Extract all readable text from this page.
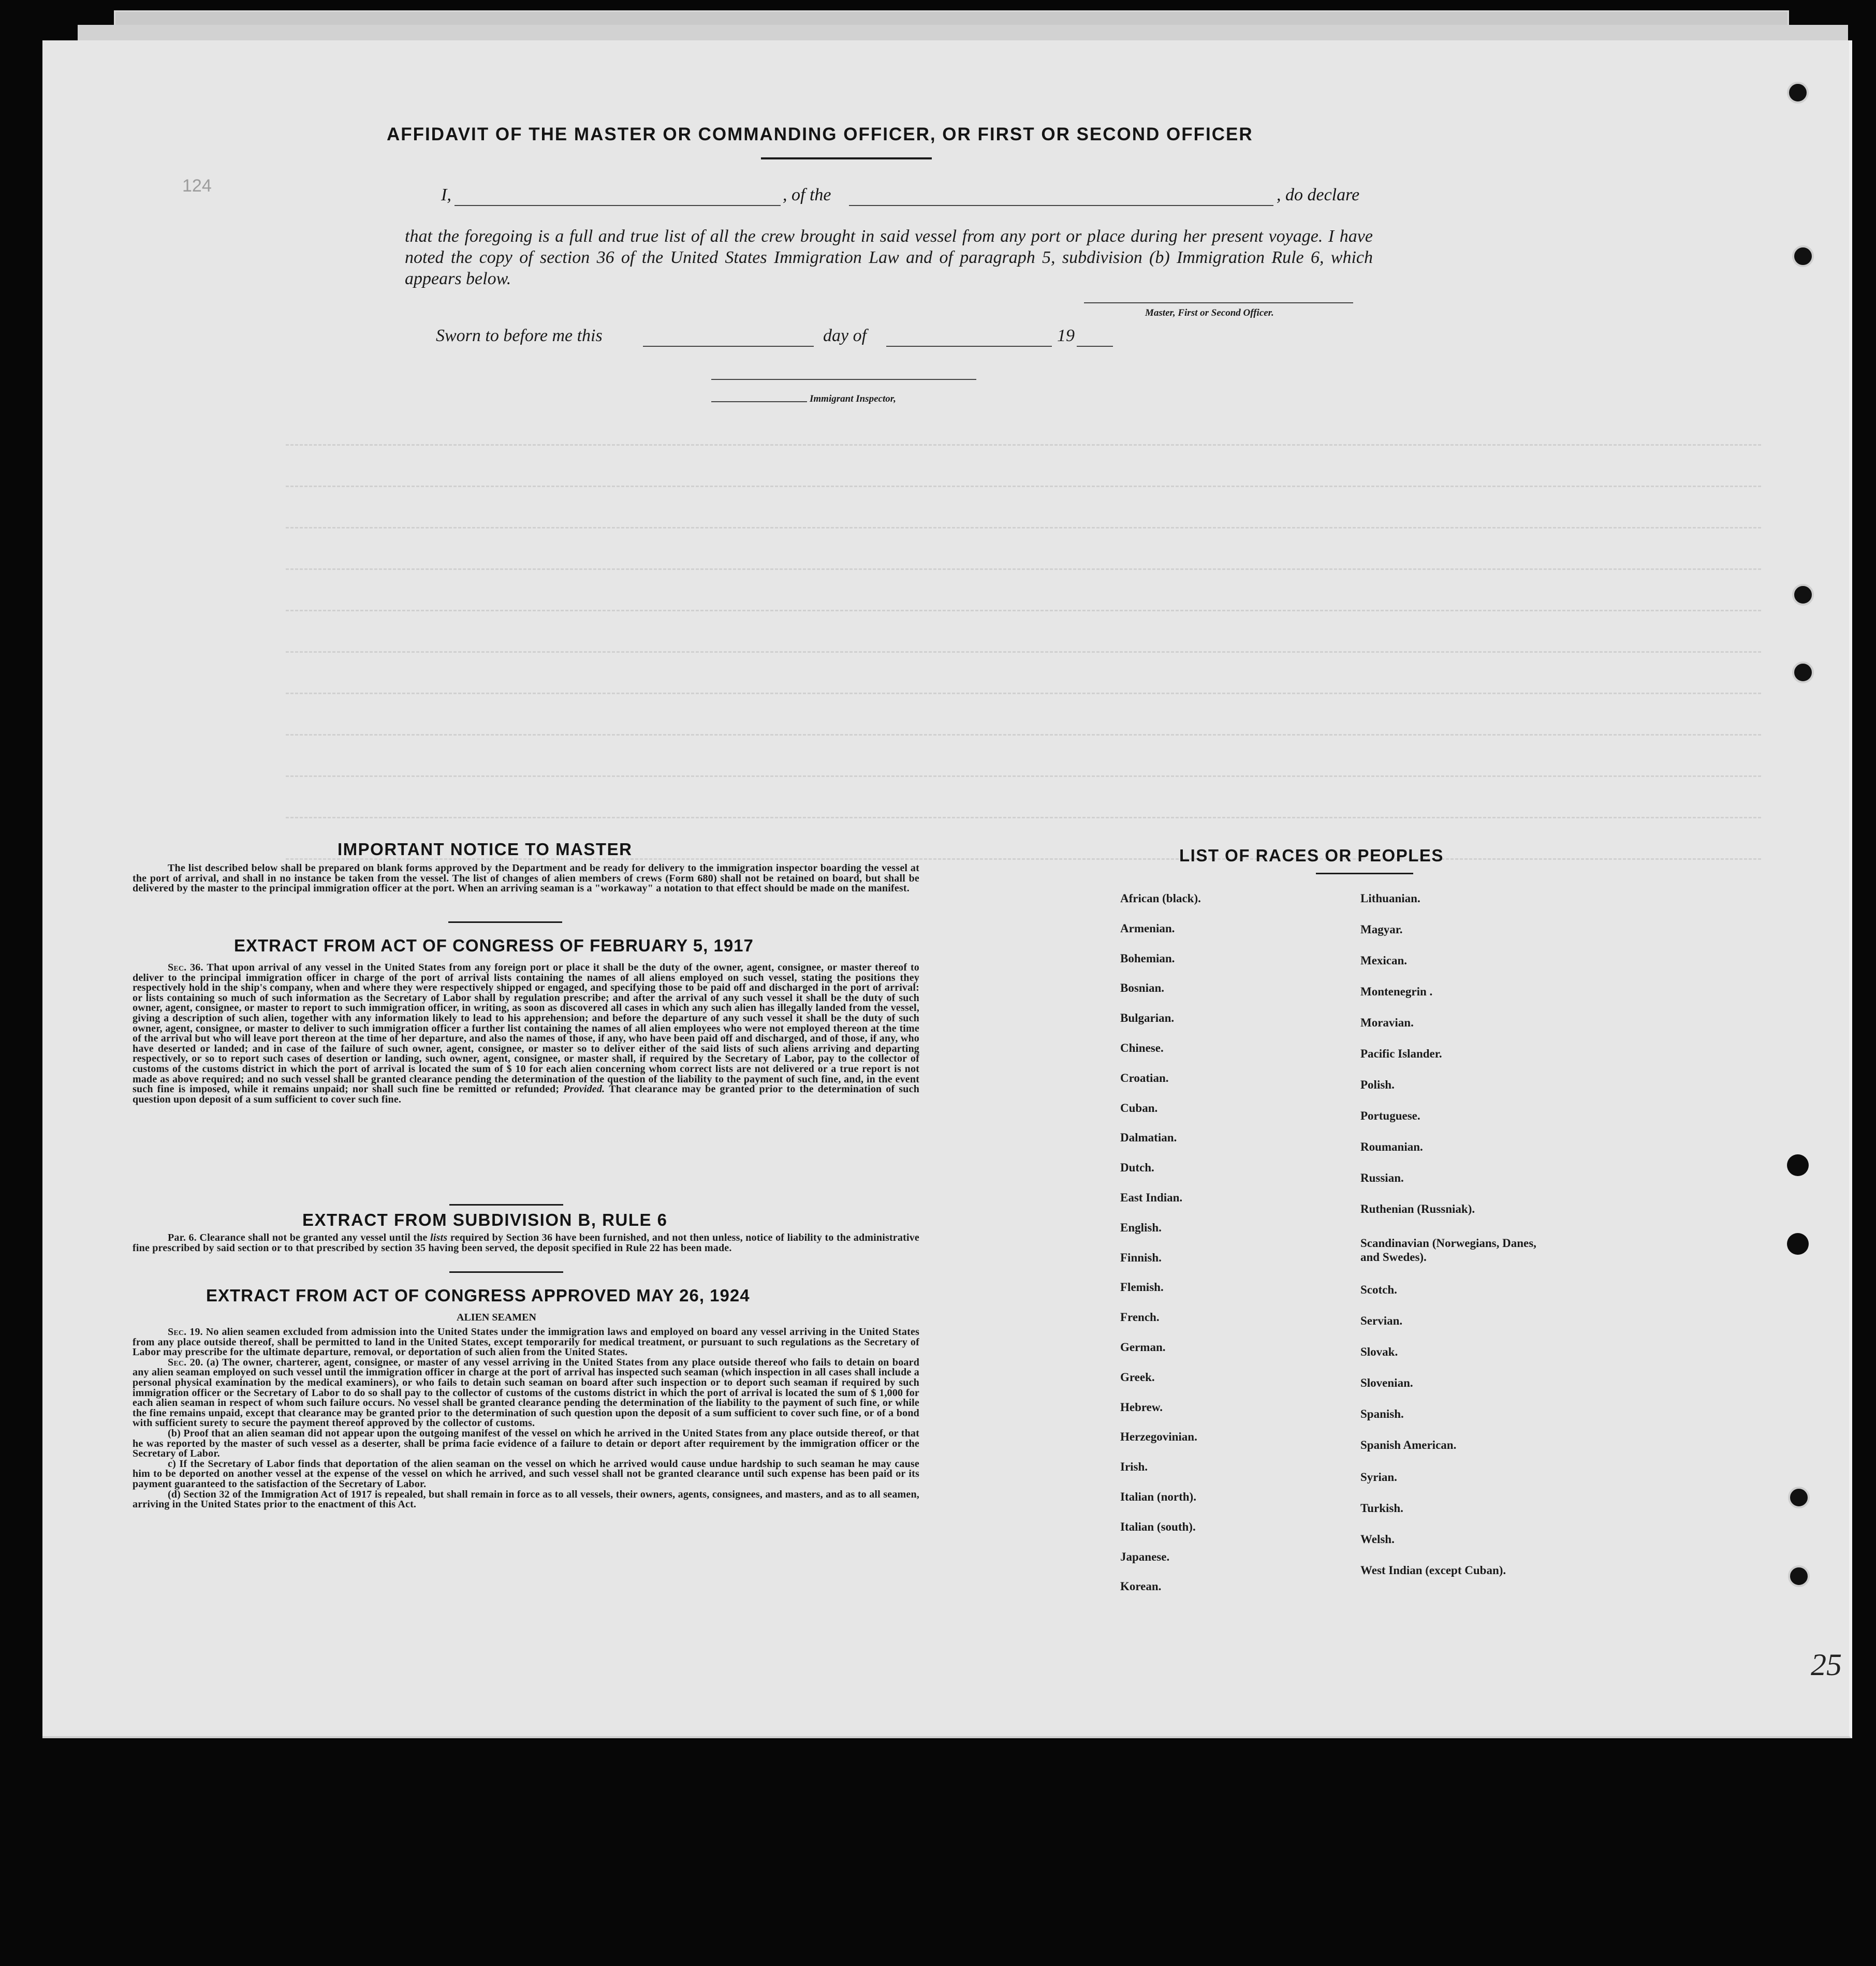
124
AFFIDAVIT OF THE MASTER OR COMMANDING OFFICER, OR FIRST OR SECOND OFFICER
I,	, of the	, do declare
that the foregoing is a full and true list of all the crew brought in said vessel from any port or place during her present voyage. I have noted the copy of section 36 of the United States Immigration Law and of paragraph 5, subdivision (b) Immigration Rule 6, which appears below.
Master, First or Second Officer.
Sworn to before me this	day of	19
Immigrant Inspector,
IMPORTANT NOTICE TO MASTER

The list described below shall be prepared on blank forms approved by the Department and be ready for delivery to the immigration inspector boarding the vessel at the port of arrival, and shall in no instance be taken from the vessel. The list of changes of alien members of crews (Form 680) shall not be retained on board, but shall be delivered by the master to the principal immigration officer at the port. When an arriving seaman is a "workaway" a notation to that effect should be made on the manifest.

EXTRACT FROM ACT OF CONGRESS OF FEBRUARY 5, 1917

Sec. 36. That upon arrival of any vessel in the United States from any foreign port or place it shall be the duty of the owner, agent, consignee, or master thereof to deliver to the principal immigration officer in charge of the port of arrival lists containing the names of all aliens employed on such vessel, stating the positions they respectively hold in the ship's company, when and where they were respectively shipped or engaged, and specifying those to be paid off and discharged in the port of arrival: or lists containing so much of such information as the Secretary of Labor shall by regulation prescribe; and after the arrival of any such vessel it shall be the duty of such owner, agent, consignee, or master to report to such immigration officer, in writing, as soon as discovered all cases in which any such alien has illegally landed from the vessel, giving a description of such alien, together with any information likely to lead to his apprehension; and before the departure of any such vessel it shall be the duty of such owner, agent, consignee, or master to deliver to such immigration officer a further list containing the names of all alien employees who were not employed thereon at the time of the arrival but who will leave port thereon at the time of her departure, and also the names of those, if any, who have been paid off and discharged, and of those, if any, who have deserted or landed; and in case of the failure of such owner, agent, consignee, or master so to deliver either of the said lists of such aliens arriving and departing respectively, or so to report such cases of desertion or landing, such owner, agent, consignee, or master shall, if required by the Secretary of Labor, pay to the collector of customs of the customs district in which the port of arrival is located the sum of $ 10 for each alien concerning whom correct lists are not delivered or a true report is not made as above required; and no such vessel shall be granted clearance pending the determination of the question of the liability to the payment of such fine, and, in the event such fine is imposed, while it remains unpaid; nor shall such fine be remitted or refunded; Provided. That clearance may be granted prior to the determination of such question upon deposit of a sum sufficient to cover such fine.

EXTRACT FROM SUBDIVISION B, RULE 6

Par. 6. Clearance shall not be granted any vessel until the lists required by Section 36 have been furnished, and not then unless, notice of liability to the administrative fine prescribed by said section or to that prescribed by section 35 having been served, the deposit specified in Rule 22 has been made.

EXTRACT FROM ACT OF CONGRESS APPROVED MAY 26, 1924
ALIEN SEAMEN

Sec. 19. No alien seamen excluded from admission into the United States under the immigration laws and employed on board any vessel arriving in the United States from any place outside thereof, shall be permitted to land in the United States, except temporarily for medical treatment, or pursuant to such regulations as the Secretary of Labor may prescribe for the ultimate departure, removal, or deportation of such alien from the United States.

Sec. 20. (a) The owner, charterer, agent, consignee, or master of any vessel arriving in the United States from any place outside thereof who fails to detain on board any alien seaman employed on such vessel until the immigration officer in charge at the port of arrival has inspected such seaman (which inspection in all cases shall include a personal physical examination by the medical examiners), or who fails to detain such seaman on board after such inspection or to deport such seaman if required by such immigration officer or the Secretary of Labor to do so shall pay to the collector of customs of the customs district in which the port of arrival is located the sum of $ 1,000 for each alien seaman in respect of whom such failure occurs. No vessel shall be granted clearance pending the determination of the liability to the payment of such fine, or while the fine remains unpaid, except that clearance may be granted prior to the determination of such question upon the deposit of a sum sufficient to cover such fine, or of a bond with sufficient surety to secure the payment thereof approved by the collector of customs.

(b) Proof that an alien seaman did not appear upon the outgoing manifest of the vessel on which he arrived in the United States from any place outside thereof, or that he was reported by the master of such vessel as a deserter, shall be prima facie evidence of a failure to detain or deport after requirement by the immigration officer or the Secretary of Labor.

c) If the Secretary of Labor finds that deportation of the alien seaman on the vessel on which he arrived would cause undue hardship to such seaman he may cause him to be deported on another vessel at the expense of the vessel on which he arrived, and such vessel shall not be granted clearance until such expense has been paid or its payment guaranteed to the satisfaction of the Secretary of Labor.

(d) Section 32 of the Immigration Act of 1917 is repealed, but shall remain in force as to all vessels, their owners, agents, consignees, and masters, and as to all seamen, arriving in the United States prior to the enactment of this Act.

LIST OF RACES OR PEOPLES
African (black).
Armenian.
Bohemian.
Bosnian.
Bulgarian.
Chinese.
Croatian.
Cuban.
Dalmatian.
Dutch.
East Indian.
English.
Finnish.
Flemish.
French.
German.
Greek.
Hebrew.
Herzegovinian.
Irish.
Italian (north).
Italian (south).
Japanese.
Korean.
Lithuanian.
Magyar.
Mexican.
Montenegrin .
Moravian.
Pacific Islander.
Polish.
Portuguese.
Roumanian.
Russian.
Ruthenian (Russniak).
Scandinavian (Norwegians, Danes, and Swedes).
Scotch.
Servian.
Slovak.
Slovenian.
Spanish.
Spanish American.
Syrian.
Turkish.
Welsh.
West Indian (except Cuban).
25
